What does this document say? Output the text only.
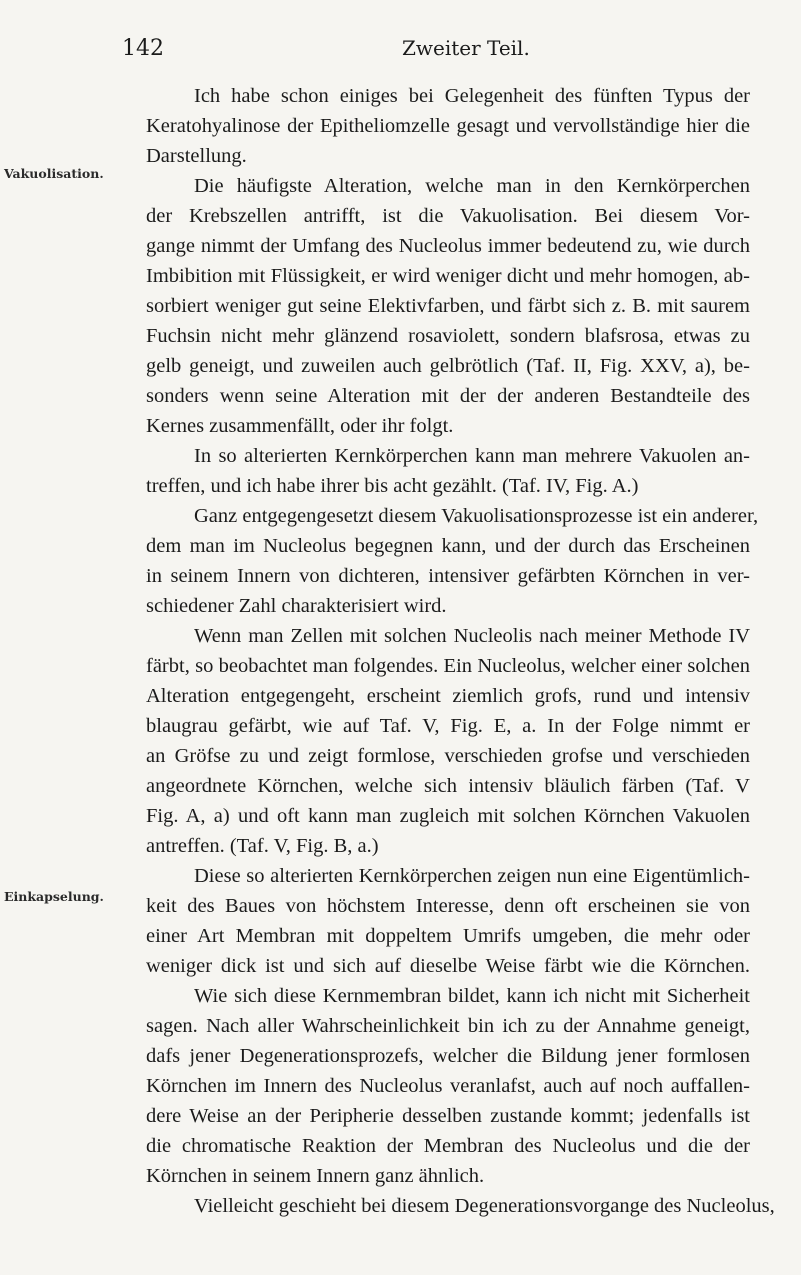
142	Zweiter Teil.
Vakuolisation.
Einkapselung.
Ich habe schon einiges bei Gelegenheit des fünften Typus der
Keratohyalinose der Epitheliomzelle gesagt und vervollständige hier die
Darstellung.
Die häufigste Alteration, welche man in den Kernkörperchen
der Krebszellen antrifft, ist die Vakuolisation. Bei diesem Vor-
gange nimmt der Umfang des Nucleolus immer bedeutend zu, wie durch
Imbibition mit Flüssigkeit, er wird weniger dicht und mehr homogen, ab-
sorbiert weniger gut seine Elektivfarben, und färbt sich z. B. mit saurem
Fuchsin nicht mehr glänzend rosaviolett, sondern blafsrosa, etwas zu
gelb geneigt, und zuweilen auch gelbrötlich (Taf. II, Fig. XXV, a), be-
sonders wenn seine Alteration mit der der anderen Bestandteile des
Kernes zusammenfällt, oder ihr folgt.
In so alterierten Kernkörperchen kann man mehrere Vakuolen an-
treffen, und ich habe ihrer bis acht gezählt. (Taf. IV, Fig. A.)
Ganz entgegengesetzt diesem Vakuolisationsprozesse ist ein anderer,
dem man im Nucleolus begegnen kann, und der durch das Erscheinen
in seinem Innern von dichteren, intensiver gefärbten Körnchen in ver-
schiedener Zahl charakterisiert wird.
Wenn man Zellen mit solchen Nucleolis nach meiner Methode IV
färbt, so beobachtet man folgendes. Ein Nucleolus, welcher einer solchen
Alteration entgegengeht, erscheint ziemlich grofs, rund und intensiv
blaugrau gefärbt, wie auf Taf. V, Fig. E, a. In der Folge nimmt er
an Gröfse zu und zeigt formlose, verschieden grofse und verschieden
angeordnete Körnchen, welche sich intensiv bläulich färben (Taf. V
Fig. A, a) und oft kann man zugleich mit solchen Körnchen Vakuolen
antreffen. (Taf. V, Fig. B, a.)
Diese so alterierten Kernkörperchen zeigen nun eine Eigentümlich-
keit des Baues von höchstem Interesse, denn oft erscheinen sie von
einer Art Membran mit doppeltem Umrifs umgeben, die mehr oder
weniger dick ist und sich auf dieselbe Weise färbt wie die Körnchen.
Wie sich diese Kernmembran bildet, kann ich nicht mit Sicherheit
sagen. Nach aller Wahrscheinlichkeit bin ich zu der Annahme geneigt,
dafs jener Degenerationsprozefs, welcher die Bildung jener formlosen
Körnchen im Innern des Nucleolus veranlafst, auch auf noch auffallen-
dere Weise an der Peripherie desselben zustande kommt; jedenfalls ist
die chromatische Reaktion der Membran des Nucleolus und die der
Körnchen in seinem Innern ganz ähnlich.
Vielleicht geschieht bei diesem Degenerationsvorgange des Nucleolus,
